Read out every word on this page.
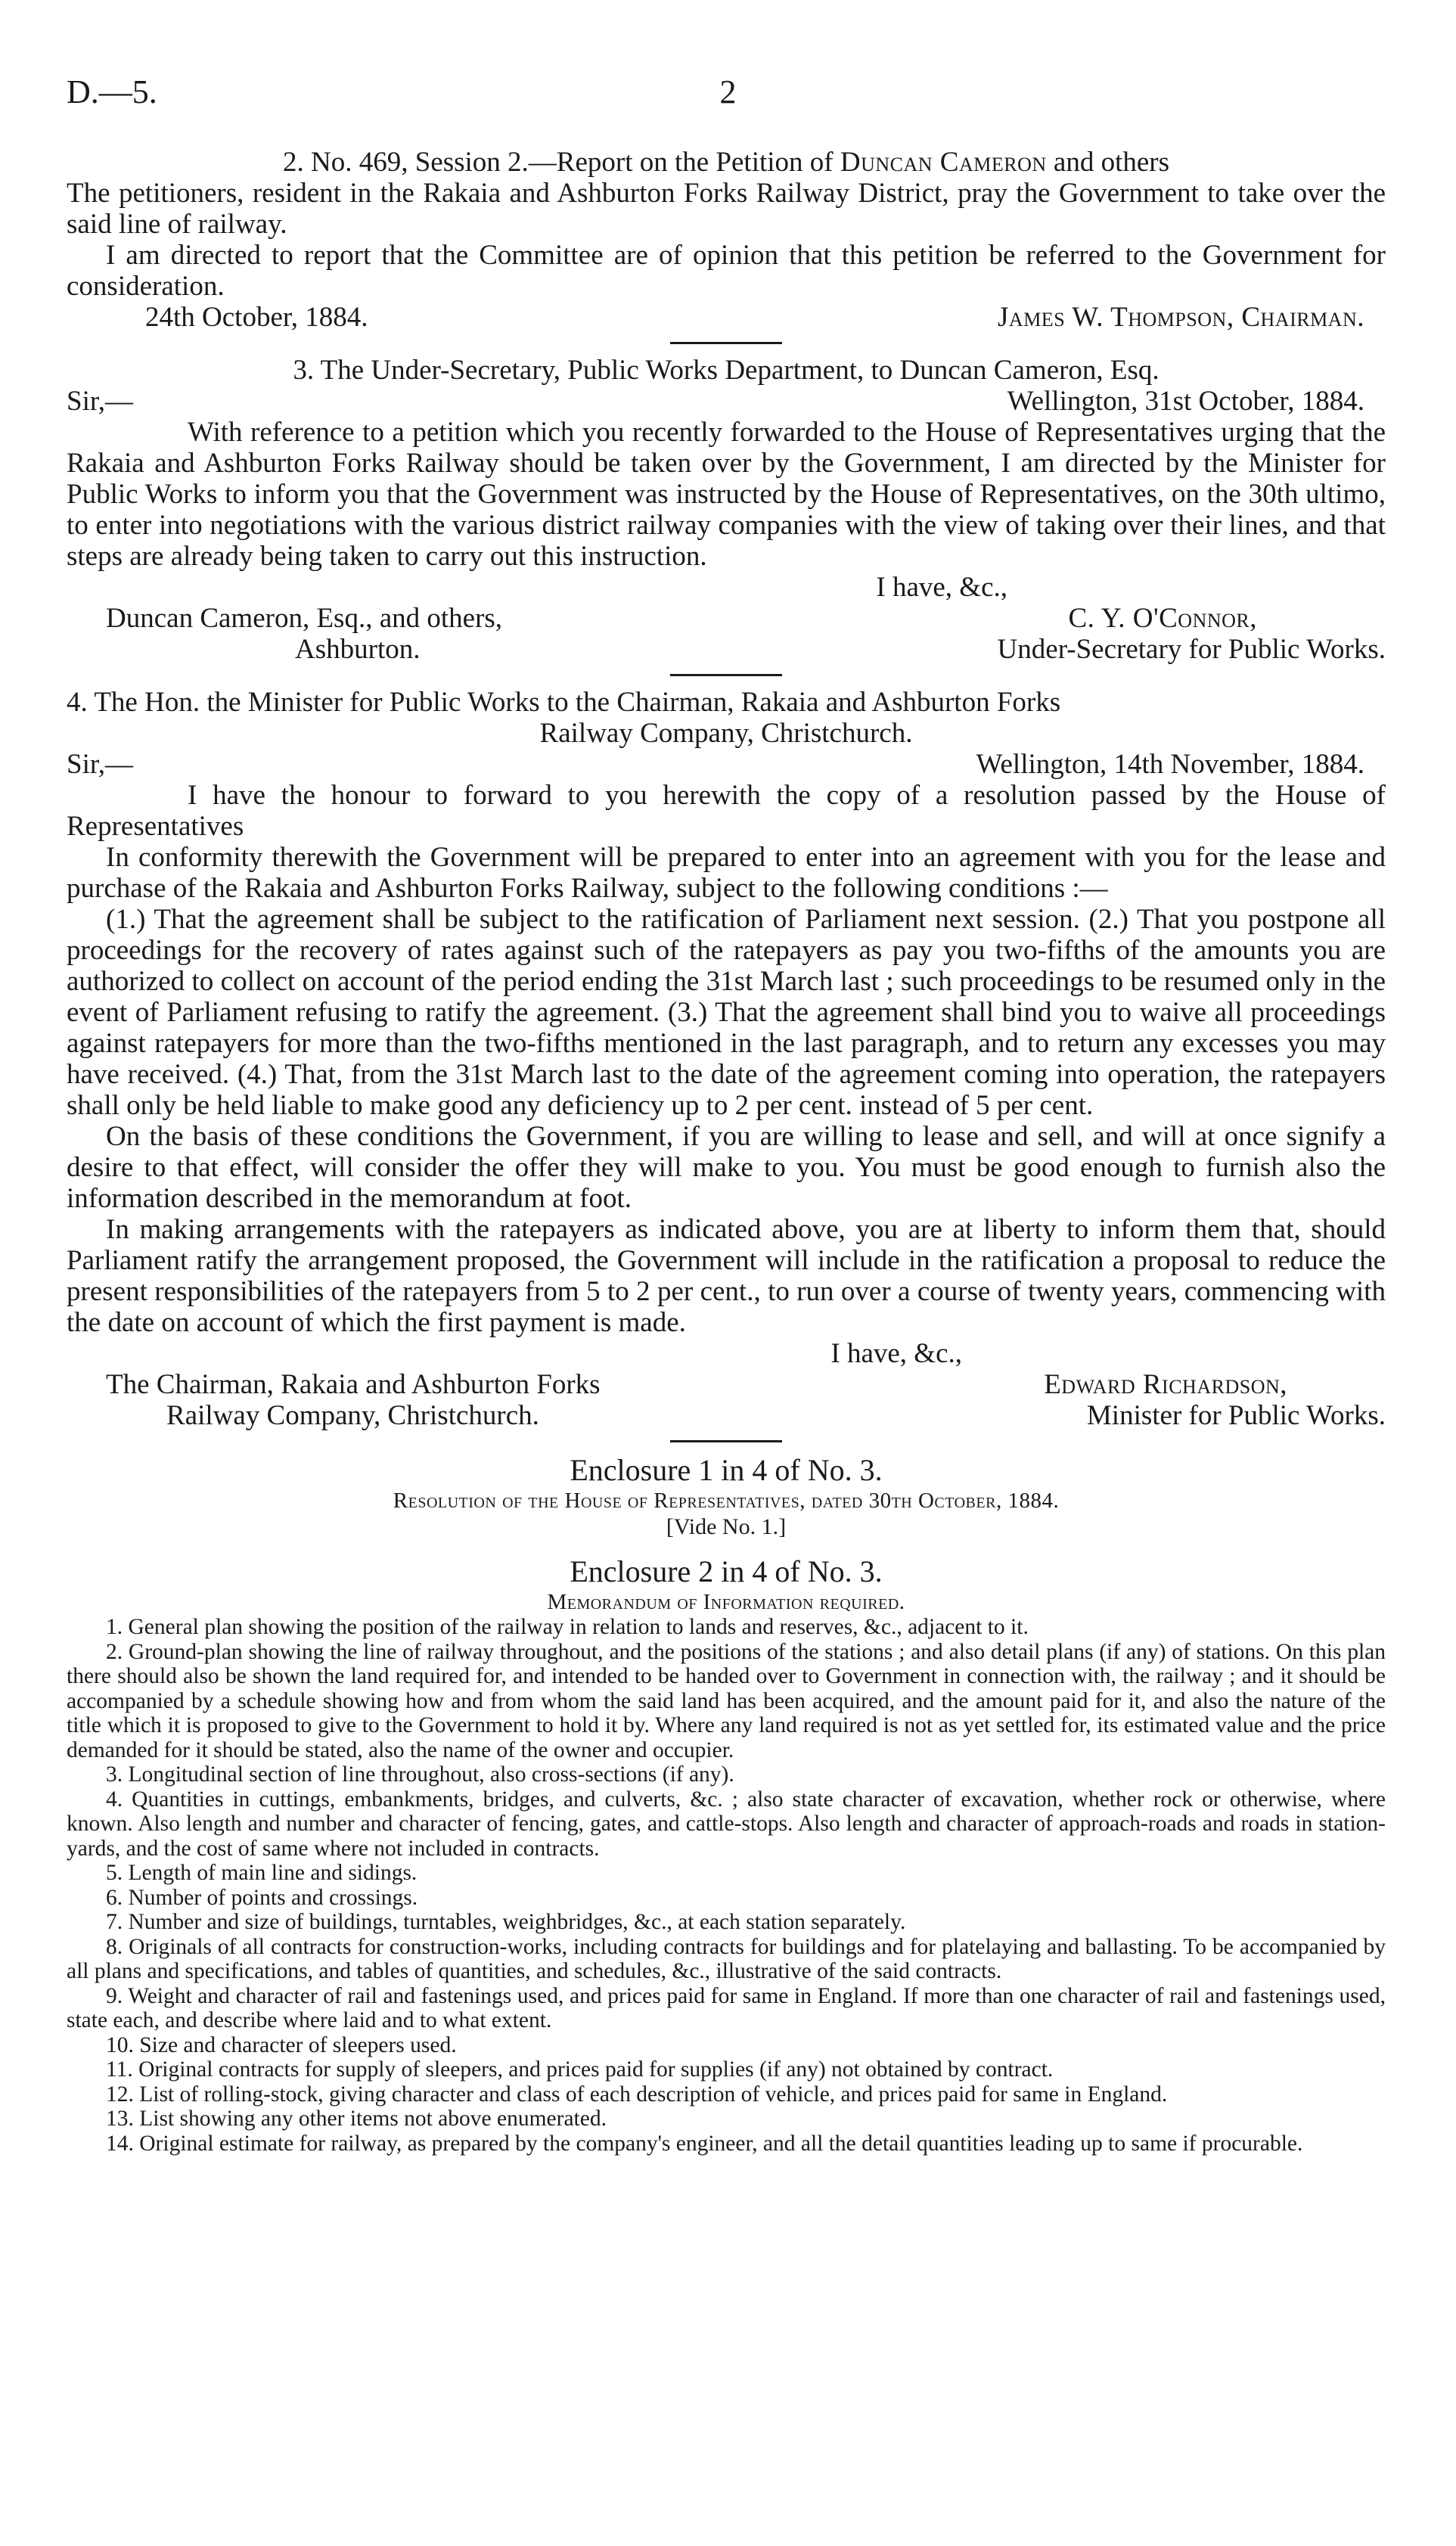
D.—5.	2

2. No. 469, Session 2.—Report on the Petition of Duncan Cameron and others

The petitioners, resident in the Rakaia and Ashburton Forks Railway District, pray the Government to take over the said line of railway.

I am directed to report that the Committee are of opinion that this petition be referred to the Government for consideration.

24th October, 1884.	James W. Thompson, Chairman.

3. The Under-Secretary, Public Works Department, to Duncan Cameron, Esq.

Sir,—	Wellington, 31st October, 1884.

With reference to a petition which you recently forwarded to the House of Representatives urging that the Rakaia and Ashburton Forks Railway should be taken over by the Government, I am directed by the Minister for Public Works to inform you that the Government was instructed by the House of Representatives, on the 30th ultimo, to enter into negotiations with the various district railway companies with the view of taking over their lines, and that steps are already being taken to carry out this instruction.

I have, &c.,
Duncan Cameron, Esq., and others,
Ashburton.
C. Y. O'Connor,
Under-Secretary for Public Works.

4. The Hon. the Minister for Public Works to the Chairman, Rakaia and Ashburton Forks

Railway Company, Christchurch.

Sir,—	Wellington, 14th November, 1884.

I have the honour to forward to you herewith the copy of a resolution passed by the House of Representatives

In conformity therewith the Government will be prepared to enter into an agreement with you for the lease and purchase of the Rakaia and Ashburton Forks Railway, subject to the following conditions :—

(1.) That the agreement shall be subject to the ratification of Parliament next session. (2.) That you postpone all proceedings for the recovery of rates against such of the ratepayers as pay you two-fifths of the amounts you are authorized to collect on account of the period ending the 31st March last ; such proceedings to be resumed only in the event of Parliament refusing to ratify the agreement. (3.) That the agreement shall bind you to waive all proceedings against ratepayers for more than the two-fifths mentioned in the last paragraph, and to return any excesses you may have received. (4.) That, from the 31st March last to the date of the agreement coming into operation, the ratepayers shall only be held liable to make good any deficiency up to 2 per cent. instead of 5 per cent.

On the basis of these conditions the Government, if you are willing to lease and sell, and will at once signify a desire to that effect, will consider the offer they will make to you. You must be good enough to furnish also the information described in the memorandum at foot.

In making arrangements with the ratepayers as indicated above, you are at liberty to inform them that, should Parliament ratify the arrangement proposed, the Government will include in the ratification a proposal to reduce the present responsibilities of the ratepayers from 5 to 2 per cent., to run over a course of twenty years, commencing with the date on account of which the first payment is made.

I have, &c.,
The Chairman, Rakaia and Ashburton Forks
Railway Company, Christchurch.
Edward Richardson,
Minister for Public Works.
Enclosure 1 in 4 of No. 3.
Resolution of the House of Representatives, dated 30th October, 1884.
[Vide No. 1.]
Enclosure 2 in 4 of No. 3.
Memorandum of Information required.

1. General plan showing the position of the railway in relation to lands and reserves, &c., adjacent to it.

2. Ground-plan showing the line of railway throughout, and the positions of the stations ; and also detail plans (if any) of stations. On this plan there should also be shown the land required for, and intended to be handed over to Government in connection with, the railway ; and it should be accompanied by a schedule showing how and from whom the said land has been acquired, and the amount paid for it, and also the nature of the title which it is proposed to give to the Government to hold it by. Where any land required is not as yet settled for, its estimated value and the price demanded for it should be stated, also the name of the owner and occupier.

3. Longitudinal section of line throughout, also cross-sections (if any).

4. Quantities in cuttings, embankments, bridges, and culverts, &c. ; also state character of excavation, whether rock or otherwise, where known. Also length and number and character of fencing, gates, and cattle-stops. Also length and character of approach-roads and roads in station-yards, and the cost of same where not included in contracts.

5. Length of main line and sidings.

6. Number of points and crossings.

7. Number and size of buildings, turntables, weighbridges, &c., at each station separately.

8. Originals of all contracts for construction-works, including contracts for buildings and for platelaying and ballasting. To be accompanied by all plans and specifications, and tables of quantities, and schedules, &c., illustrative of the said contracts.

9. Weight and character of rail and fastenings used, and prices paid for same in England. If more than one character of rail and fastenings used, state each, and describe where laid and to what extent.

10. Size and character of sleepers used.

11. Original contracts for supply of sleepers, and prices paid for supplies (if any) not obtained by contract.

12. List of rolling-stock, giving character and class of each description of vehicle, and prices paid for same in England.

13. List showing any other items not above enumerated.

14. Original estimate for railway, as prepared by the company's engineer, and all the detail quantities leading up to same if procurable.
